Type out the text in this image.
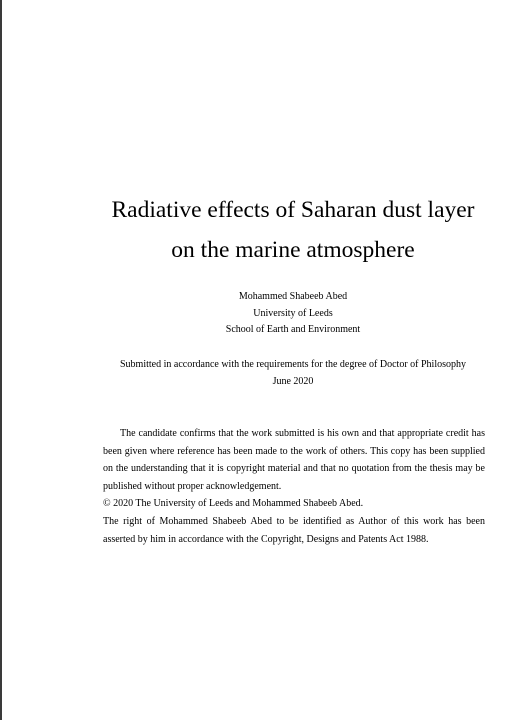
Radiative effects of Saharan dust layer
on the marine atmosphere
Mohammed Shabeeb Abed
University of Leeds
School of Earth and Environment
Submitted in accordance with the requirements for the degree of Doctor of Philosophy
June 2020

The candidate confirms that the work submitted is his own and that appropriate credit has been given where reference has been made to the work of others. This copy has been supplied on the understanding that it is copyright material and that no quotation from the thesis may be published without proper acknowledgement.

© 2020 The University of Leeds and Mohammed Shabeeb Abed.

The right of Mohammed Shabeeb Abed to be identified as Author of this work has been asserted by him in accordance with the Copyright, Designs and Patents Act 1988.
